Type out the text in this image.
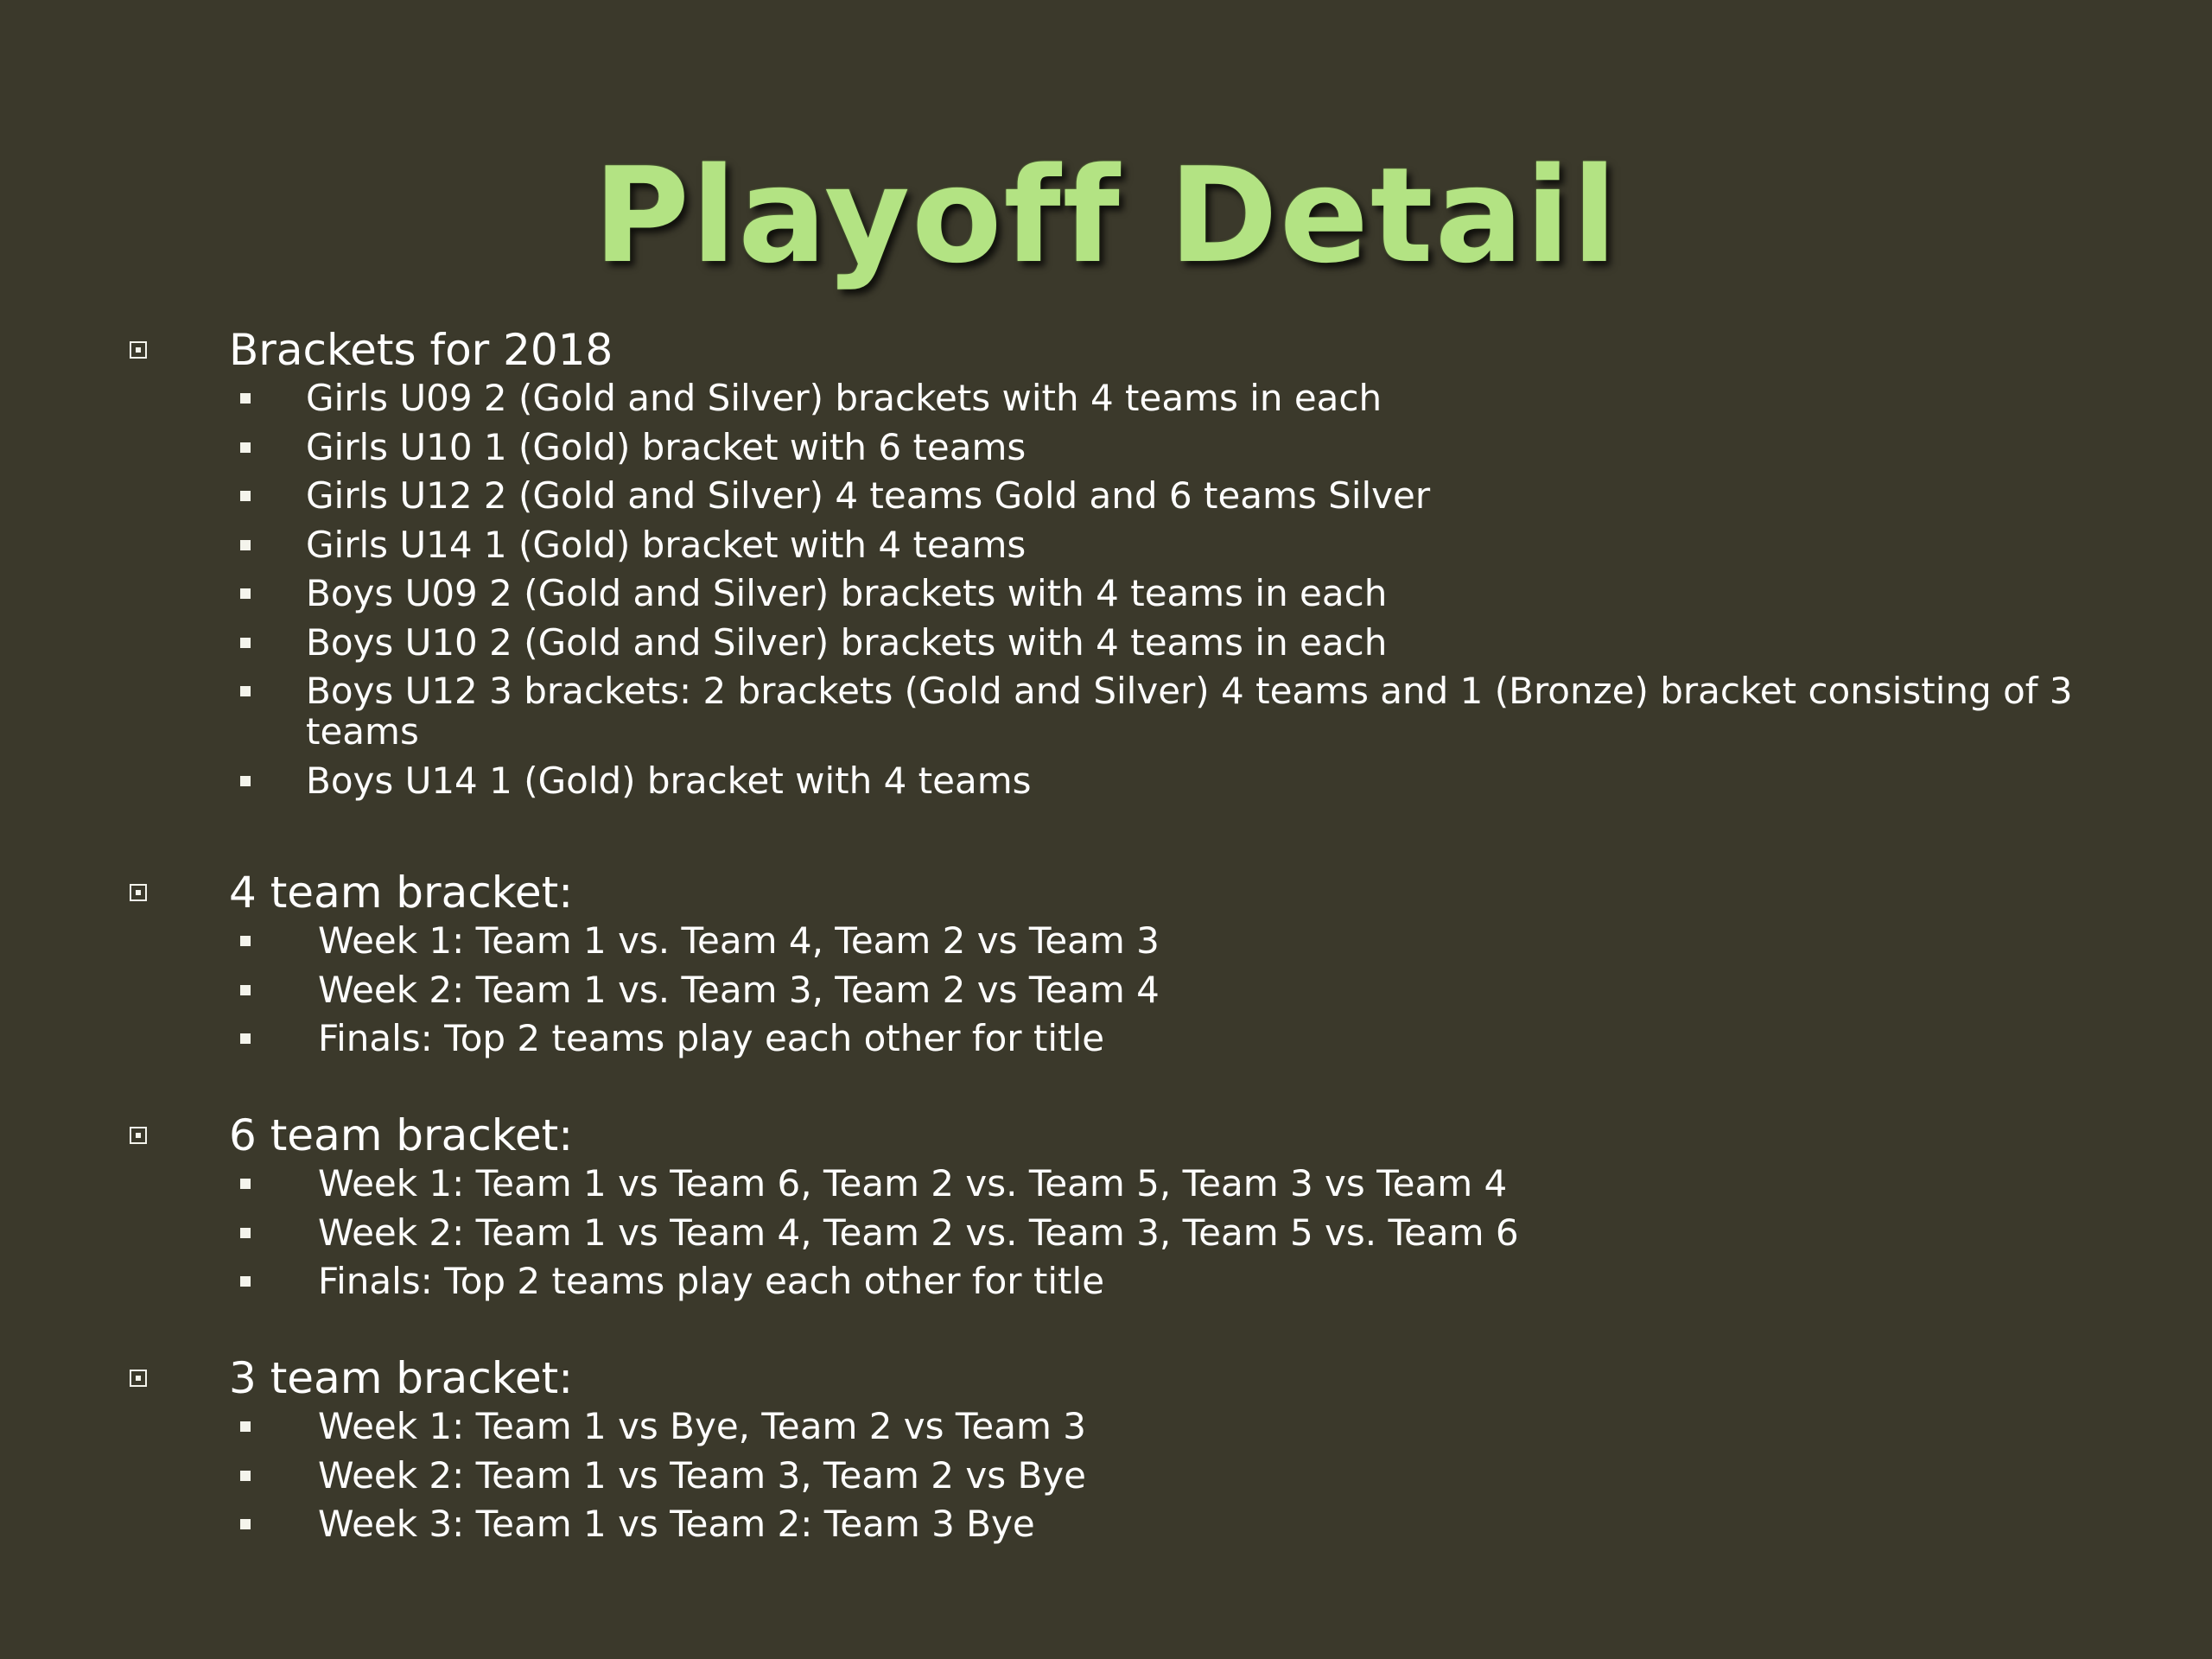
Playoff Detail
Brackets for 2018
Girls U09 2 (Gold and Silver) brackets with 4 teams in each
Girls U10 1 (Gold) bracket with 6 teams
Girls U12 2 (Gold and Silver) 4 teams Gold and 6 teams Silver
Girls U14 1 (Gold) bracket with 4 teams
Boys U09 2 (Gold and Silver) brackets with 4 teams in each
Boys U10 2 (Gold and Silver) brackets with 4 teams in each
Boys U12 3 brackets: 2 brackets (Gold and Silver) 4 teams and 1 (Bronze) bracket consisting of 3 teams
Boys U14 1 (Gold) bracket with 4 teams
4 team bracket:
Week 1: Team 1 vs. Team 4, Team 2 vs Team 3
Week 2: Team 1 vs. Team 3, Team 2 vs Team 4
Finals: Top 2 teams play each other for title
6 team bracket:
Week 1: Team 1 vs Team 6, Team 2 vs. Team 5, Team 3 vs Team 4
Week 2: Team 1 vs Team 4, Team 2 vs. Team 3, Team 5 vs. Team 6
Finals: Top 2 teams play each other for title
3 team bracket:
Week 1: Team 1 vs Bye, Team 2 vs Team 3
Week 2: Team 1 vs Team 3, Team 2 vs Bye
Week 3: Team 1 vs Team 2: Team 3 Bye
